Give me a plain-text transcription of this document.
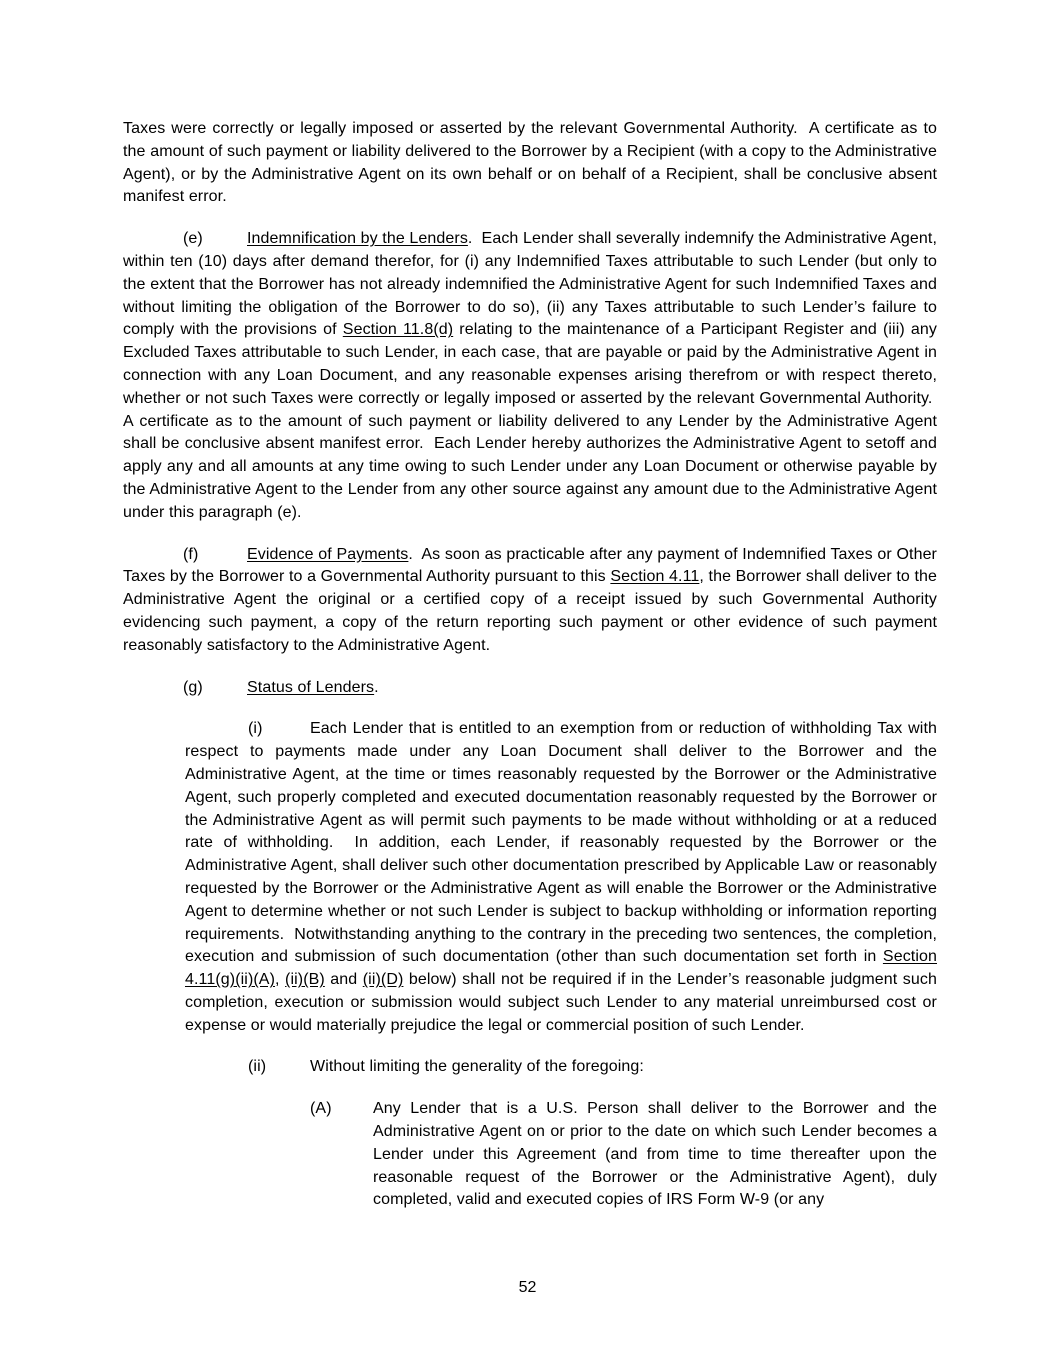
Taxes were correctly or legally imposed or asserted by the relevant Governmental Authority.  A certificate as to the amount of such payment or liability delivered to the Borrower by a Recipient (with a copy to the Administrative Agent), or by the Administrative Agent on its own behalf or on behalf of a Recipient, shall be conclusive absent manifest error.

(e)	Indemnification by the Lenders.  Each Lender shall severally indemnify the Administrative Agent, within ten (10) days after demand therefor, for (i) any Indemnified Taxes attributable to such Lender (but only to the extent that the Borrower has not already indemnified the Administrative Agent for such Indemnified Taxes and without limiting the obligation of the Borrower to do so), (ii) any Taxes attributable to such Lender’s failure to comply with the provisions of Section 11.8(d) relating to the maintenance of a Participant Register and (iii) any Excluded Taxes attributable to such Lender, in each case, that are payable or paid by the Administrative Agent in connection with any Loan Document, and any reasonable expenses arising therefrom or with respect thereto, whether or not such Taxes were correctly or legally imposed or asserted by the relevant Governmental Authority.  A certificate as to the amount of such payment or liability delivered to any Lender by the Administrative Agent shall be conclusive absent manifest error.  Each Lender hereby authorizes the Administrative Agent to setoff and apply any and all amounts at any time owing to such Lender under any Loan Document or otherwise payable by the Administrative Agent to the Lender from any other source against any amount due to the Administrative Agent under this paragraph (e).

(f)	Evidence of Payments.  As soon as practicable after any payment of Indemnified Taxes or Other Taxes by the Borrower to a Governmental Authority pursuant to this Section 4.11, the Borrower shall deliver to the Administrative Agent the original or a certified copy of a receipt issued by such Governmental Authority evidencing such payment, a copy of the return reporting such payment or other evidence of such payment reasonably satisfactory to the Administrative Agent.

(g)	Status of Lenders.

(i)	Each Lender that is entitled to an exemption from or reduction of withholding Tax with respect to payments made under any Loan Document shall deliver to the Borrower and the Administrative Agent, at the time or times reasonably requested by the Borrower or the Administrative Agent, such properly completed and executed documentation reasonably requested by the Borrower or the Administrative Agent as will permit such payments to be made without withholding or at a reduced rate of withholding.  In addition, each Lender, if reasonably requested by the Borrower or the Administrative Agent, shall deliver such other documentation prescribed by Applicable Law or reasonably requested by the Borrower or the Administrative Agent as will enable the Borrower or the Administrative Agent to determine whether or not such Lender is subject to backup withholding or information reporting requirements.  Notwithstanding anything to the contrary in the preceding two sentences, the completion, execution and submission of such documentation (other than such documentation set forth in Section 4.11(g)(ii)(A), (ii)(B) and (ii)(D) below) shall not be required if in the Lender’s reasonable judgment such completion, execution or submission would subject such Lender to any material unreimbursed cost or expense or would materially prejudice the legal or commercial position of such Lender.

(ii)	Without limiting the generality of the foregoing:

(A)	Any Lender that is a U.S. Person shall deliver to the Borrower and the Administrative Agent on or prior to the date on which such Lender becomes a Lender under this Agreement (and from time to time thereafter upon the reasonable request of the Borrower or the Administrative Agent), duly completed, valid and executed copies of IRS Form W-9 (or any

52
